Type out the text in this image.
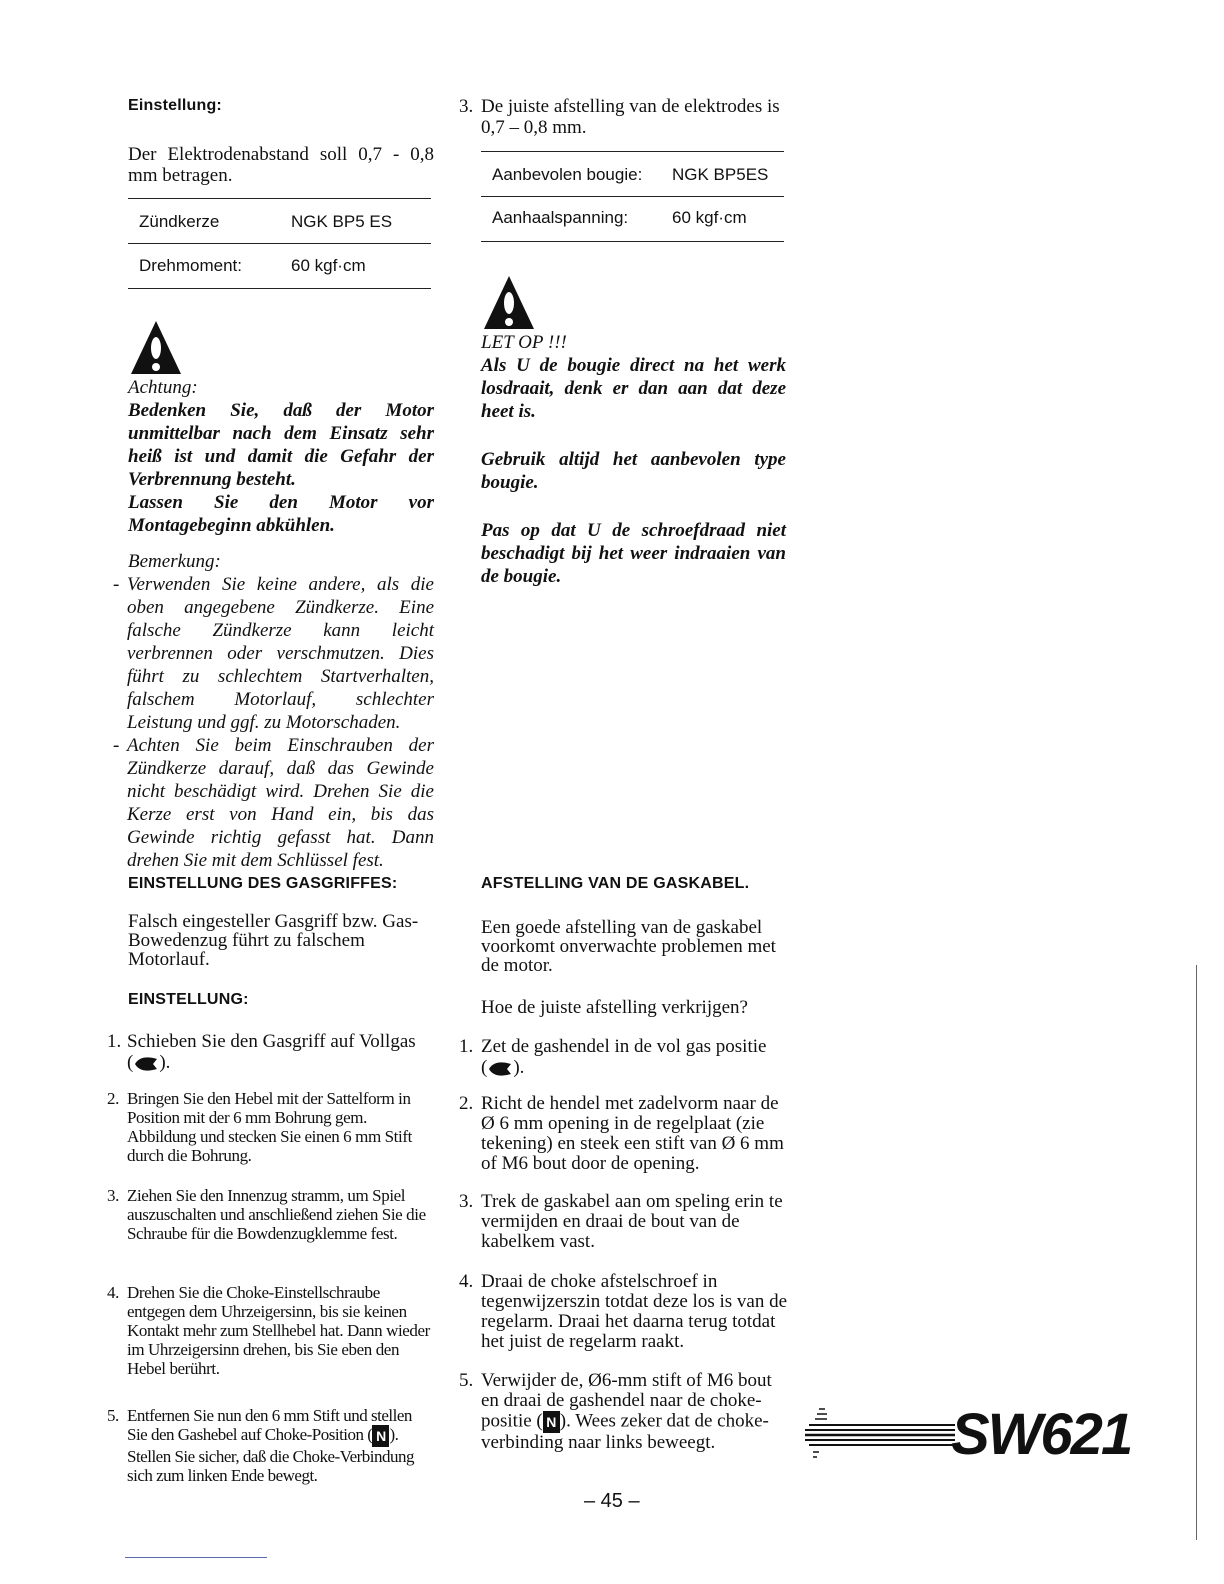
Einstellung:
Der Elektrodenabstand soll 0,7 - 0,8 mm betragen.
Zündkerze	NGK BP5 ES
Drehmoment:	60 kgf·cm
Achtung:
Bedenken Sie, daß der Motor unmittelbar nach dem Einsatz sehr heiß ist und damit die Gefahr der Verbrennung besteht.
Lassen Sie den Motor vor Montagebeginn abkühlen.
Bemerkung:
- Verwenden Sie keine andere, als die oben angegebene Zündkerze. Eine falsche Zündkerze kann leicht verbrennen oder verschmutzen. Dies führt zu schlechtem Startverhalten, falschem Motorlauf, schlechter Leistung und ggf. zu Motorschaden.
- Achten Sie beim Einschrauben der Zündkerze darauf, daß das Gewinde nicht beschädigt wird. Drehen Sie die Kerze erst von Hand ein, bis das Gewinde richtig gefasst hat. Dann drehen Sie mit dem Schlüssel fest.
EINSTELLUNG DES GASGRIFFES:
Falsch eingesteller Gasgriff bzw. Gas-Bowedenzug führt zu falschem Motorlauf.
EINSTELLUNG:
1. Schieben Sie den Gasgriff auf Vollgas
( ).
2. Bringen Sie den Hebel mit der Sattelform in Position mit der 6 mm Bohrung gem. Abbildung und stecken Sie einen 6 mm Stift durch die Bohrung.
3. Ziehen Sie den Innenzug stramm, um Spiel auszuschalten und anschließend ziehen Sie die Schraube für die Bowdenzugklemme fest.
4. Drehen Sie die Choke-Einstellschraube entgegen dem Uhrzeigersinn, bis sie keinen Kontakt mehr zum Stellhebel hat. Dann wieder im Uhrzeigersinn drehen, bis Sie eben den Hebel berührt.
5. Entfernen Sie nun den 6 mm Stift und stellen Sie den Gashebel auf Choke-Position ( N ). Stellen Sie sicher, daß die Choke-Verbindung sich zum linken Ende bewegt.
3. De juiste afstelling van de elektrodes is 0,7 – 0,8 mm.
Aanbevolen bougie: NGK BP5ES
Aanhaalspanning:	60 kgf·cm
LET OP !!!
Als U de bougie direct na het werk losdraait, denk er dan aan dat deze heet is.
Gebruik altijd het aanbevolen type bougie.
Pas op dat U de schroefdraad niet beschadigt bij het weer indraaien van de bougie.
AFSTELLING VAN DE GASKABEL.
Een goede afstelling van de gaskabel voorkomt onverwachte problemen met de motor.
Hoe de juiste afstelling verkrijgen?
1. Zet de gashendel in de vol gas positie
( ).
2. Richt de hendel met zadelvorm naar de Ø 6 mm opening in de regelplaat (zie tekening) en steek een stift van Ø 6 mm of M6 bout door de opening.
3. Trek de gaskabel aan om speling erin te vermijden en draai de bout van de kabelkem vast.
4. Draai de choke afstelschroef in tegenwijzerszin totdat deze los is van de regelarm. Draai het daarna terug totdat het juist de regelarm raakt.
5. Verwijder de, Ø6-mm stift of M6 bout en draai de gashendel naar de choke-positie ( N ). Wees zeker dat de choke-verbinding naar links beweegt.	SW621
– 45 –
